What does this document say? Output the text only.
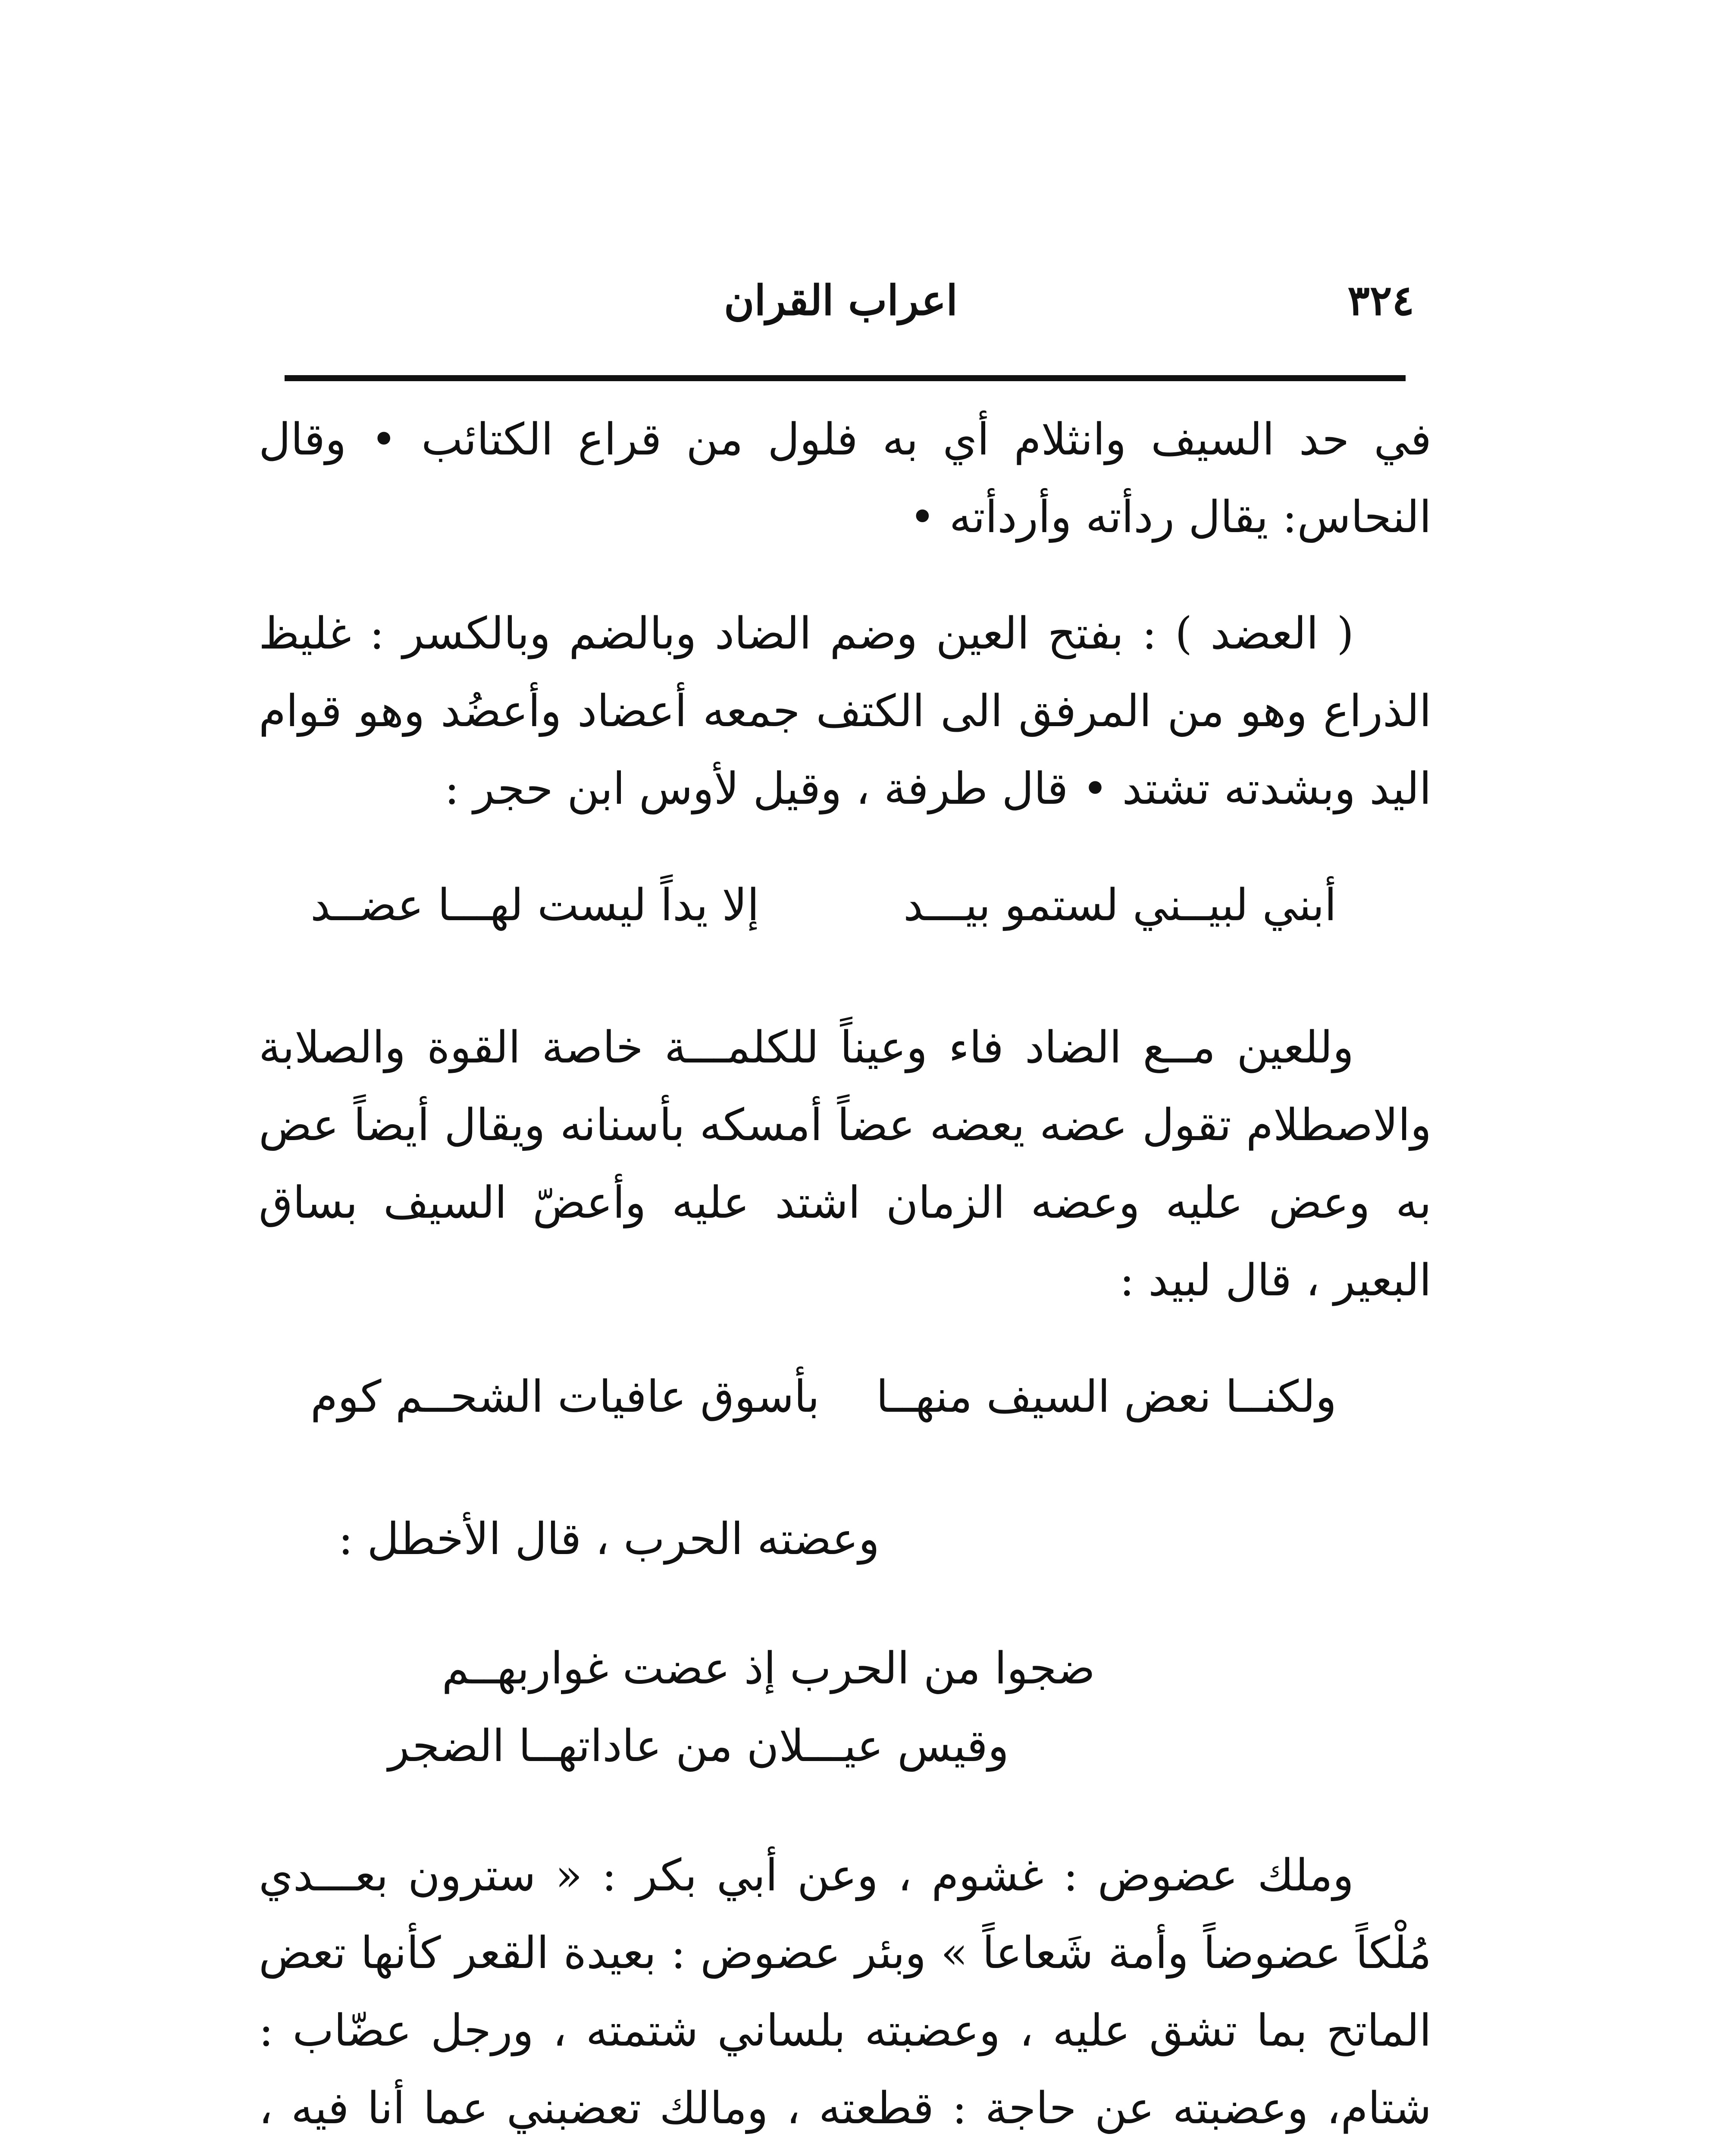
٣٢٤
اعراب القران

في حد السيف وانثلام أي به فلول من قراع الكتائب • وقال النحاس: يقال ردأته وأردأته •

( العضد ) : بفتح العين وضم الضاد وبالضم وبالكسر : غليظ الذراع وهو من المرفق الى الكتف جمعه أعضاد وأعضُد وهو قوام اليد وبشدته تشتد • قال طرفة ، وقيل لأوس ابن حجر :

أبني لبيــني لستمو بيـــد
إلا يداً ليست لهـــا عضــد

وللعين مــع الضاد فاء وعيناً للكلمـــة خاصة القوة والصلابة والاصطلام تقول عضه يعضه عضاً أمسكه بأسنانه ويقال أيضاً عض به وعض عليه وعضه الزمان اشتد عليه وأعضّ السيف بساق البعير ، قال لبيد :

ولكنــا نعض السيف منهــا
بأسوق عافيات الشحــم كوم

وعضته الحرب ، قال الأخطل :

ضجوا من الحرب إذ عضت غواربهــم
وقيس عيـــلان من عاداتهــا الضجر

وملك عضوض : غشوم ، وعن أبي بكر : « سترون بعـــدي مُلْكاً عضوضاً وأمة شَعاعاً » وبئر عضوض : بعيدة القعر كأنها تعض الماتح بما تشق عليه ، وعضبته بلساني شتمته ، ورجل عضّاب : شتام، وعضبته عن حاجة : قطعته ، ومالك تعضبني عما أنا فيه ،
